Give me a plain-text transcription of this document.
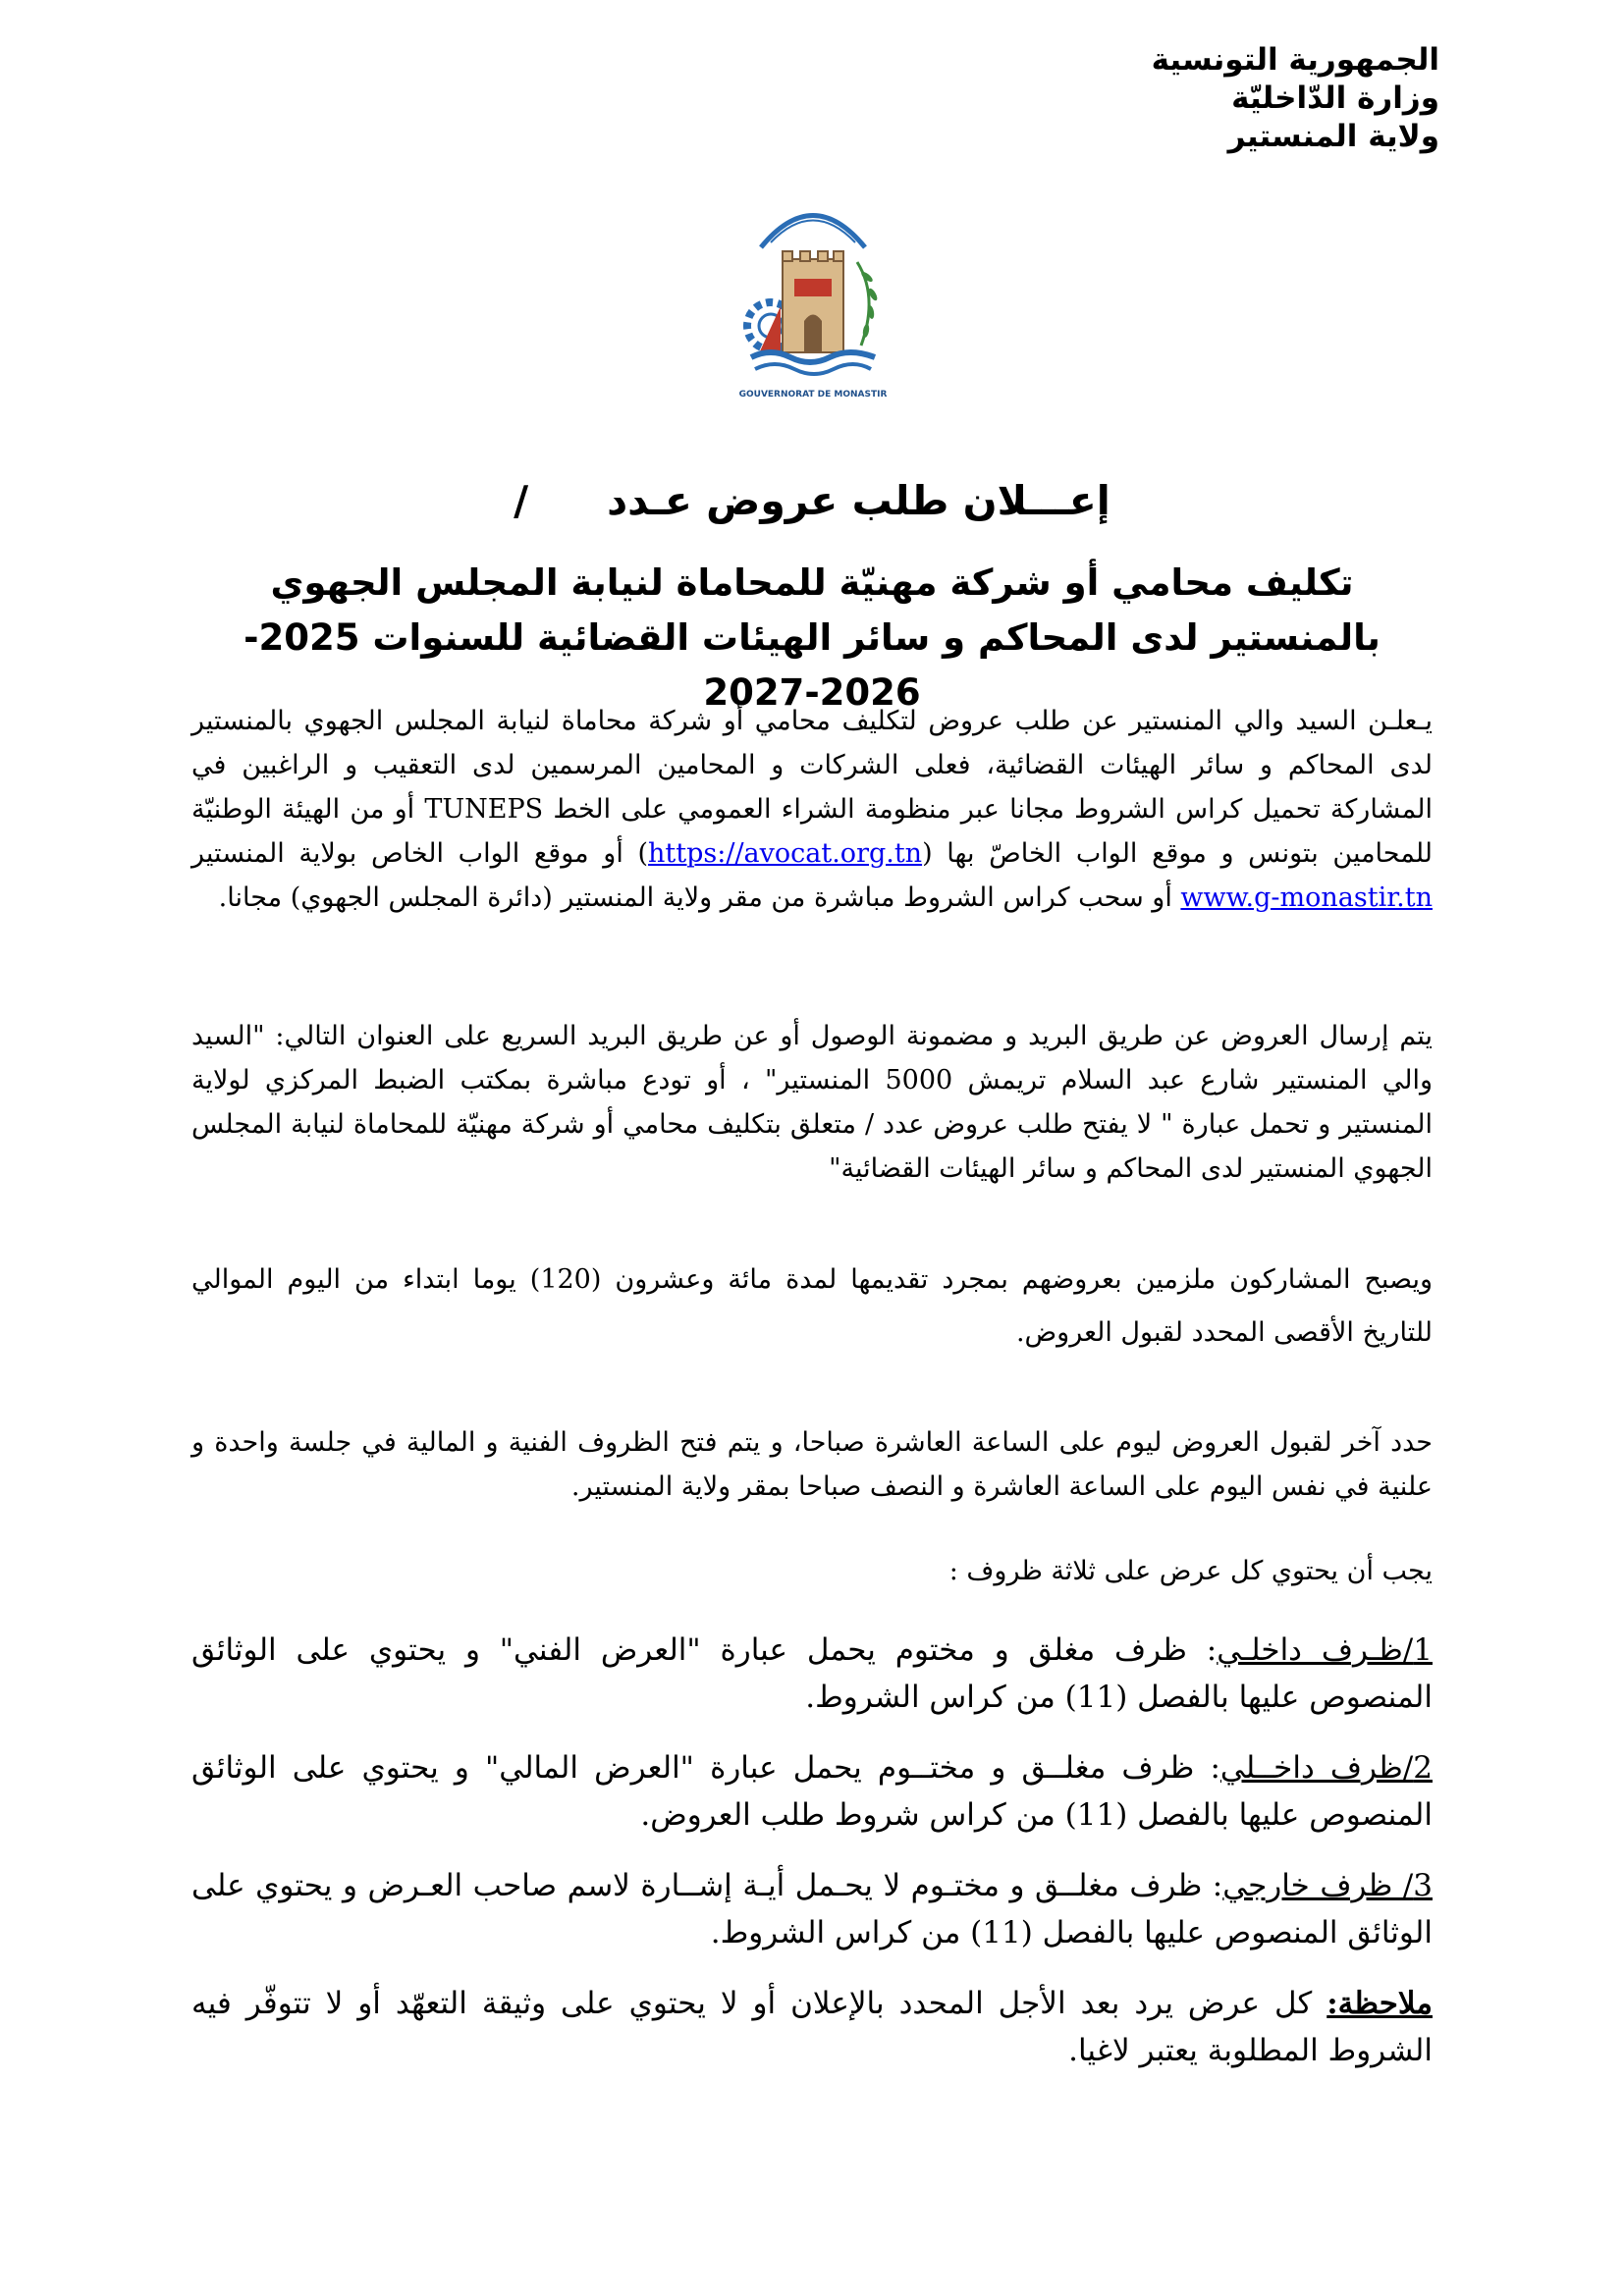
الجمهورية التونسية
وزارة الدّاخليّة
ولاية المنستير
GOUVERNORAT DE MONASTIR
إعـــلان طلب عروض عـدد/
تكليف محامي أو شركة مهنيّة للمحاماة لنيابة المجلس الجهوي بالمنستير لدى المحاكم و سائر الهيئات القضائية للسنوات 2025-2026-2027
يـعلـن السيد والي المنستير عن طلب عروض لتكليف محامي أو شركة محاماة لنيابة المجلس الجهوي بالمنستير لدى المحاكم و سائر الهيئات القضائية، فعلى الشركات و المحامين المرسمين لدى التعقيب و الراغبين في المشاركة تحميل كراس الشروط مجانا عبر منظومة الشراء العمومي على الخط TUNEPS أو من الهيئة الوطنيّة للمحامين بتونس و موقع الواب الخاصّ بها (https://avocat.org.tn) أو موقع الواب الخاص بولاية المنستير www.g-monastir.tn أو سحب كراس الشروط مباشرة من مقر ولاية المنستير (دائرة المجلس الجهوي) مجانا.
يتم إرسال العروض عن طريق البريد و مضمونة الوصول أو عن طريق البريد السريع على العنوان التالي: "السيد والي المنستير شارع عبد السلام تريمش 5000 المنستير" ، أو تودع مباشرة بمكتب الضبط المركزي لولاية المنستير و تحمل عبارة " لا يفتح طلب عروض عدد / متعلق بتكليف محامي أو شركة مهنيّة للمحاماة لنيابة المجلس الجهوي المنستير لدى المحاكم و سائر الهيئات القضائية"
ويصبح المشاركون ملزمين بعروضهم بمجرد تقديمها لمدة مائة وعشرون (120) يوما ابتداء من اليوم الموالي للتاريخ الأقصى المحدد لقبول العروض.
حدد آخر لقبول العروض ليوم على الساعة العاشرة صباحا، و يتم فتح الظروف الفنية و المالية في جلسة واحدة و علنية في نفس اليوم على الساعة العاشرة و النصف صباحا بمقر ولاية المنستير.
يجب أن يحتوي كل عرض على ثلاثة ظروف :
1/ظـرف داخلـي: ظرف مغلق و مختوم يحمل عبارة "العرض الفني" و يحتوي على الوثائق المنصوص عليها بالفصل (11) من كراس الشروط.
2/ظرف داخــلي: ظرف مغلــق و مختــوم يحمل عبارة "العرض المالي" و يحتوي على الوثائق المنصوص عليها بالفصل (11) من كراس شروط طلب العروض.
3/ ظرف خارجي: ظرف مغلــق و مختـوم لا يحـمل أيـة إشــارة لاسم صاحب العـرض و يحتوي على الوثائق المنصوص عليها بالفصل (11) من كراس الشروط.
ملاحظة: كل عرض يرد بعد الأجل المحدد بالإعلان أو لا يحتوي على وثيقة التعهّد أو لا تتوفّر فيه الشروط المطلوبة يعتبر لاغيا.
